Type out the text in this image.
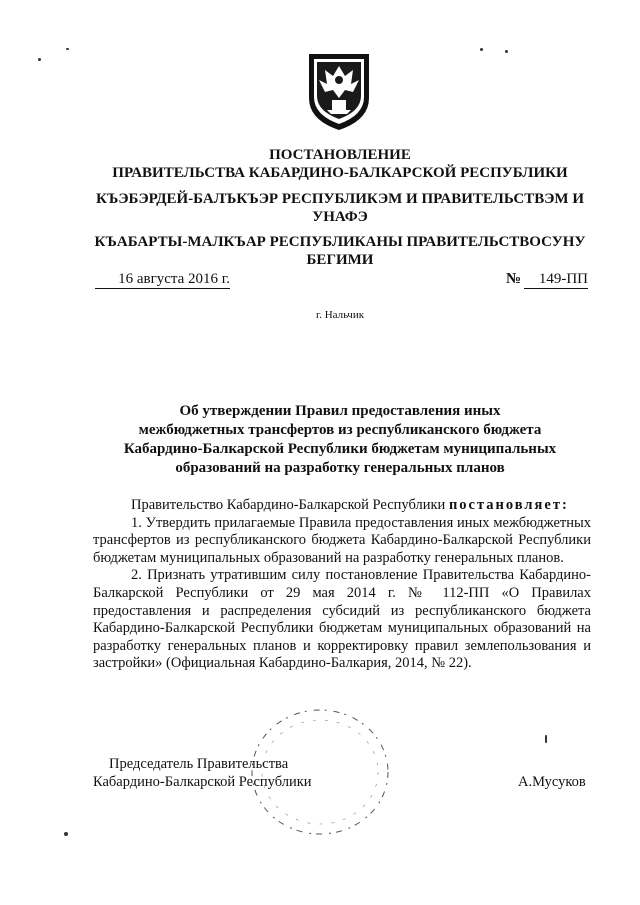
ПОСТАНОВЛЕНИЕ
ПРАВИТЕЛЬСТВА КАБАРДИНО-БАЛКАРСКОЙ РЕСПУБЛИКИ
КЪЭБЭРДЕЙ-БАЛЪКЪЭР РЕСПУБЛИКЭМ И ПРАВИТЕЛЬСТВЭМ И
УНАФЭ
КЪАБАРТЫ-МАЛКЪАР РЕСПУБЛИКАНЫ ПРАВИТЕЛЬСТВОСУНУ
БЕГИМИ
16 августа 2016 г.	№	149-ПП
г. Нальчик
Об утверждении Правил предоставления иных
межбюджетных трансфертов из республиканского бюджета
Кабардино-Балкарской Республики бюджетам муниципальных
образований на разработку генеральных планов

Правительство Кабардино-Балкарской Республики постановляет:

1. Утвердить прилагаемые Правила предоставления иных межбюджетных трансфертов из республиканского бюджета Кабардино-Балкарской Республики бюджетам муниципальных образований на разработку генеральных планов.

2. Признать утратившим силу постановление Правительства Кабардино-Балкарской Республики от 29 мая 2014 г. № 112-ПП «О Правилах предоставления и распределения субсидий из республиканского бюджета Кабардино-Балкарской Республики бюджетам муниципальных образований на разработку генеральных планов и корректировку правил землепользования и застройки» (Официальная Кабардино-Балкария, 2014, № 22).

Председатель Правительства
Кабардино-Балкарской Республики	А.Мусуков
